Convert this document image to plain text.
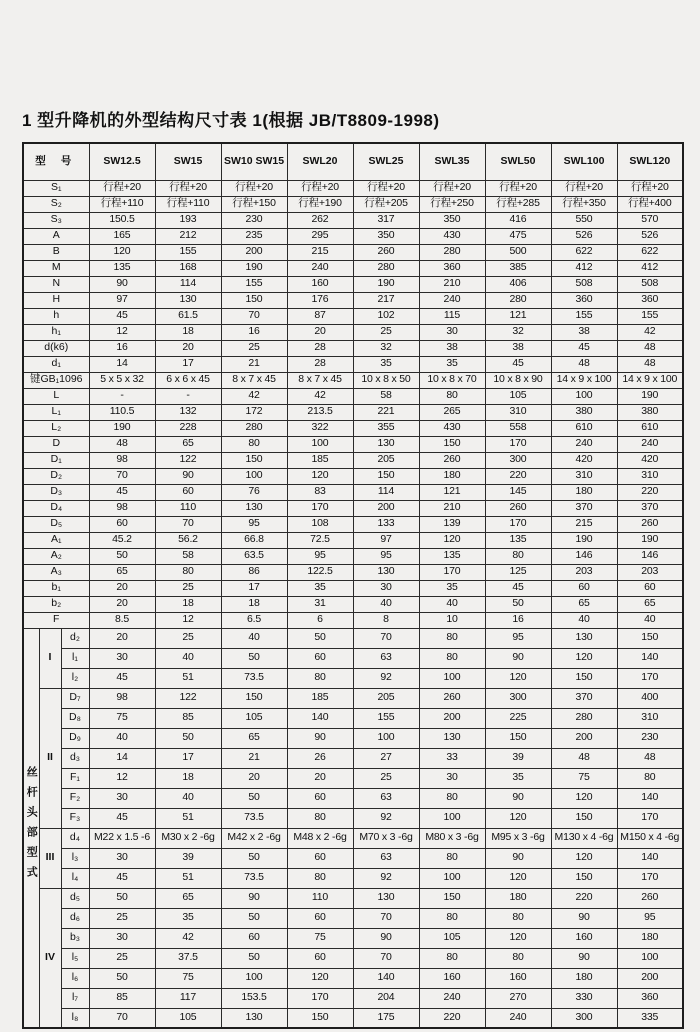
1 型升降机的外型结构尺寸表 1(根据 JB/T8809-1998)
型 号			SW12.5	SW15	SW10 SW15	SWL20	SWL25	SWL35	SWL50	SWL100	SWL120
S₁			行程+20	行程+20	行程+20	行程+20	行程+20	行程+20	行程+20	行程+20	行程+20
S₂			行程+110	行程+110	行程+150	行程+190	行程+205	行程+250	行程+285	行程+350	行程+400
S₃			150.5	193	230	262	317	350	416	550	570
A			165	212	235	295	350	430	475	526	526
B			120	155	200	215	260	280	500	622	622
M			135	168	190	240	280	360	385	412	412
N			90	114	155	160	190	210	406	508	508
H			97	130	150	176	217	240	280	360	360
h			45	61.5	70	87	102	115	121	155	155
h₁			12	18	16	20	25	30	32	38	42
d(k6)			16	20	25	28	32	38	38	45	48
d₁			14	17	21	28	35	35	45	48	48
键GB₁1096			5 x 5 x 32	6 x 6 x 45	8 x 7 x 45	8 x 7 x 45	10 x 8 x 50	10 x 8 x 70	10 x 8 x 90	14 x 9 x 100	14 x 9 x 100
L			-	-	42	42	58	80	105	100	190
L₁			110.5	132	172	213.5	221	265	310	380	380
L₂			190	228	280	322	355	430	558	610	610
D			48	65	80	100	130	150	170	240	240
D₁			98	122	150	185	205	260	300	420	420
D₂			70	90	100	120	150	180	220	310	310
D₃			45	60	76	83	114	121	145	180	220
D₄			98	110	130	170	200	210	260	370	370
D₅			60	70	95	108	133	139	170	215	260
A₁			45.2	56.2	66.8	72.5	97	120	135	190	190
A₂			50	58	63.5	95	95	135	80	146	146
A₃			65	80	86	122.5	130	170	125	203	203
b₁			20	25	17	35	30	35	45	60	60
b₂			20	18	18	31	40	40	50	65	65
F			8.5	12	6.5	6	8	10	16	40	40
丝杆头部型式	I	d₂	20	25	40	50	70	80	95	130	150
		l₁	30	40	50	60	63	80	90	120	140
		l₂	45	51	73.5	80	92	100	120	150	170
	II	D₇	98	122	150	185	205	260	300	370	400
		D₈	75	85	105	140	155	200	225	280	310
		D₉	40	50	65	90	100	130	150	200	230
		d₃	14	17	21	26	27	33	39	48	48
		F₁	12	18	20	20	25	30	35	75	80
		F₂	30	40	50	60	63	80	90	120	140
		F₃	45	51	73.5	80	92	100	120	150	170
	III	d₄	M22 x 1.5 -6	M30 x 2 -6g	M42 x 2 -6g	M48 x 2 -6g	M70 x 3 -6g	M80 x 3 -6g	M95 x 3 -6g	M130 x 4 -6g	M150 x 4 -6g
		l₃	30	39	50	60	63	80	90	120	140
		l₄	45	51	73.5	80	92	100	120	150	170
	IV	d₅	50	65	90	110	130	150	180	220	260
		d₆	25	35	50	60	70	80	80	90	95
		b₃	30	42	60	75	90	105	120	160	180
		l₅	25	37.5	50	60	70	80	80	90	100
		l₆	50	75	100	120	140	160	160	180	200
		l₇	85	117	153.5	170	204	240	270	330	360
		l₈	70	105	130	150	175	220	240	300	335
